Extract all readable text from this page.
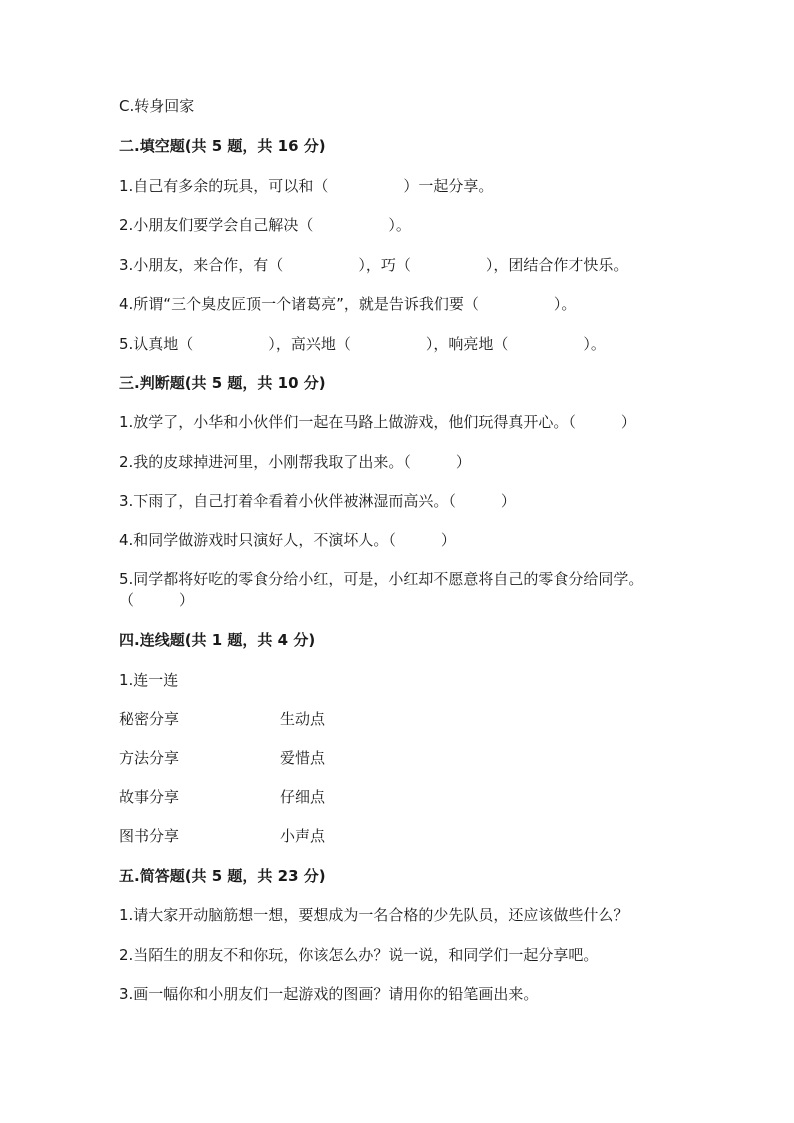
C.转身回家
二.填空题(共 5 题，共 16 分)
1.自己有多余的玩具，可以和（　　　　　）一起分享。
2.小朋友们要学会自己解决（　　　　　）。
3.小朋友，来合作，有（　　　　　），巧（　　　　　），团结合作才快乐。
4.所谓“三个臭皮匠顶一个诸葛亮”，就是告诉我们要（　　　　　）。
5.认真地（　　　　　），高兴地（　　　　　），响亮地（　　　　　）。
三.判断题(共 5 题，共 10 分)
1.放学了，小华和小伙伴们一起在马路上做游戏，他们玩得真开心。（　　　）
2.我的皮球掉进河里，小刚帮我取了出来。（　　　）
3.下雨了，自己打着伞看着小伙伴被淋湿而高兴。（　　　）
4.和同学做游戏时只演好人，不演坏人。（　　　）
5.同学都将好吃的零食分给小红，可是，小红却不愿意将自己的零食分给同学。（　　　）
四.连线题(共 1 题，共 4 分)
1.连一连
秘密分享	生动点
方法分享	爱惜点
故事分享	仔细点
图书分享	小声点
五.简答题(共 5 题，共 23 分)
1.请大家开动脑筋想一想，要想成为一名合格的少先队员，还应该做些什么？
2.当陌生的朋友不和你玩，你该怎么办？说一说，和同学们一起分享吧。
3.画一幅你和小朋友们一起游戏的图画？请用你的铅笔画出来。
